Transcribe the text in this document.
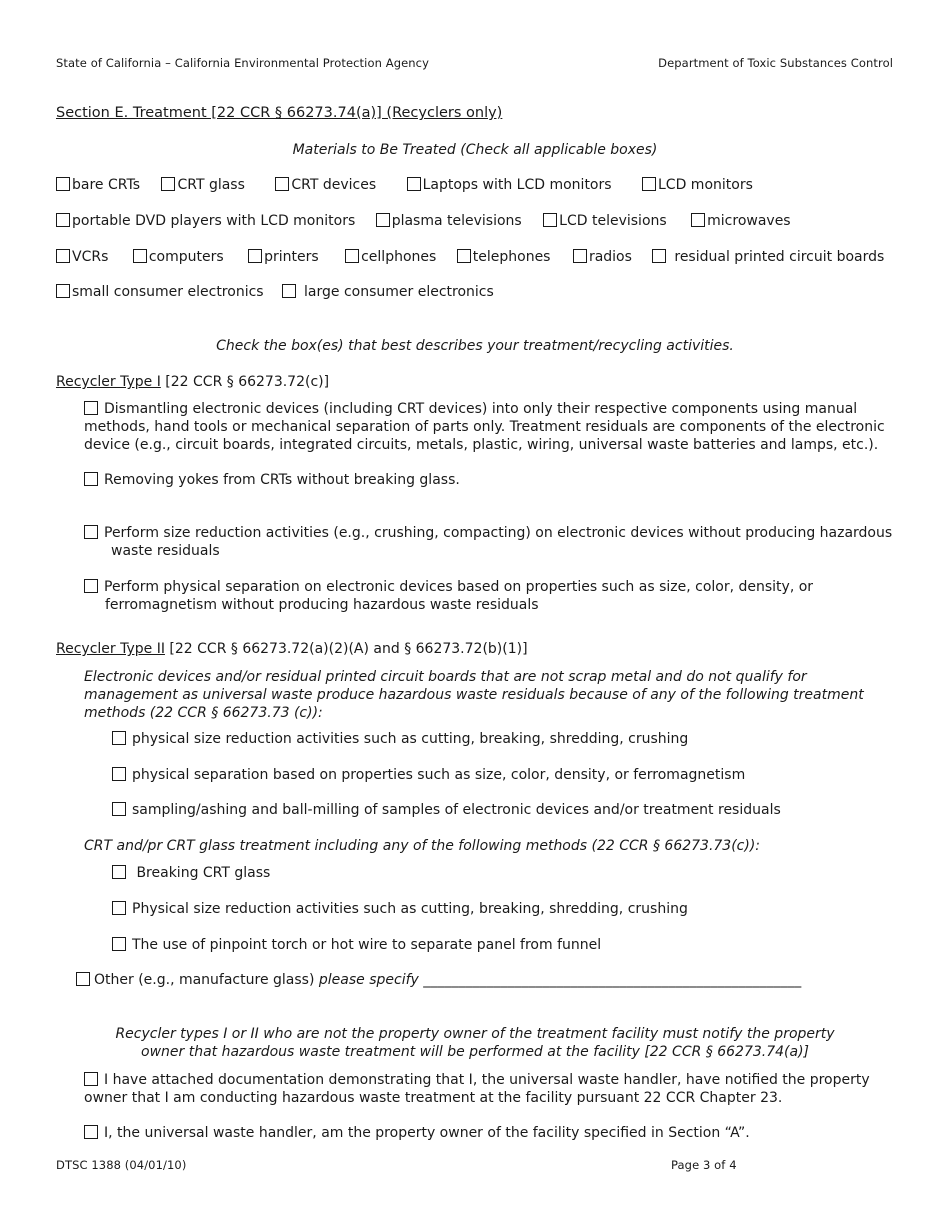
State of California – California Environmental Protection Agency	Department of Toxic Substances Control
Section E. Treatment [22 CCR § 66273.74(a)] (Recyclers only)
Materials to Be Treated (Check all applicable boxes)
bare CRTs	CRT glass	CRT devices	Laptops with LCD monitors	LCD monitors
portable DVD players with LCD monitors	plasma televisions	LCD televisions	microwaves
VCRs	computers	printers	cellphones	telephones	radios	residual printed circuit boards
small consumer electronics	large consumer electronics
Check the box(es) that best describes your treatment/recycling activities.
Recycler Type I [22 CCR § 66273.72(c)]
Dismantling electronic devices (including CRT devices) into only their respective components using manual methods, hand tools or mechanical separation of parts only. Treatment residuals are components of the electronic device (e.g., circuit boards, integrated circuits, metals, plastic, wiring, universal waste batteries and lamps, etc.).
Removing yokes from CRTs without breaking glass.
Perform size reduction activities (e.g., crushing, compacting) on electronic devices without producing hazardous
waste residuals
Perform physical separation on electronic devices based on properties such as size, color, density, or
ferromagnetism without producing hazardous waste residuals
Recycler Type II [22 CCR § 66273.72(a)(2)(A) and § 66273.72(b)(1)]
Electronic devices and/or residual printed circuit boards that are not scrap metal and do not qualify for management as universal waste produce hazardous waste residuals because of any of the following treatment methods (22 CCR § 66273.73 (c)):
physical size reduction activities such as cutting, breaking, shredding, crushing
physical separation based on properties such as size, color, density, or ferromagnetism
sampling/ashing and ball-milling of samples of electronic devices and/or treatment residuals
CRT and/pr CRT glass treatment including any of the following methods (22 CCR § 66273.73(c)):
Breaking CRT glass
Physical size reduction activities such as cutting, breaking, shredding, crushing
The use of pinpoint torch or hot wire to separate panel from funnel
Other (e.g., manufacture glass) please specify ______________________________________________________
Recycler types I or II who are not the property owner of the treatment facility must notify the property
owner that hazardous waste treatment will be performed at the facility [22 CCR § 66273.74(a)]
I have attached documentation demonstrating that I, the universal waste handler, have notified the property owner that I am conducting hazardous waste treatment at the facility pursuant 22 CCR Chapter 23.
I, the universal waste handler, am the property owner of the facility specified in Section “A”.
DTSC 1388 (04/01/10)	Page 3 of 4
